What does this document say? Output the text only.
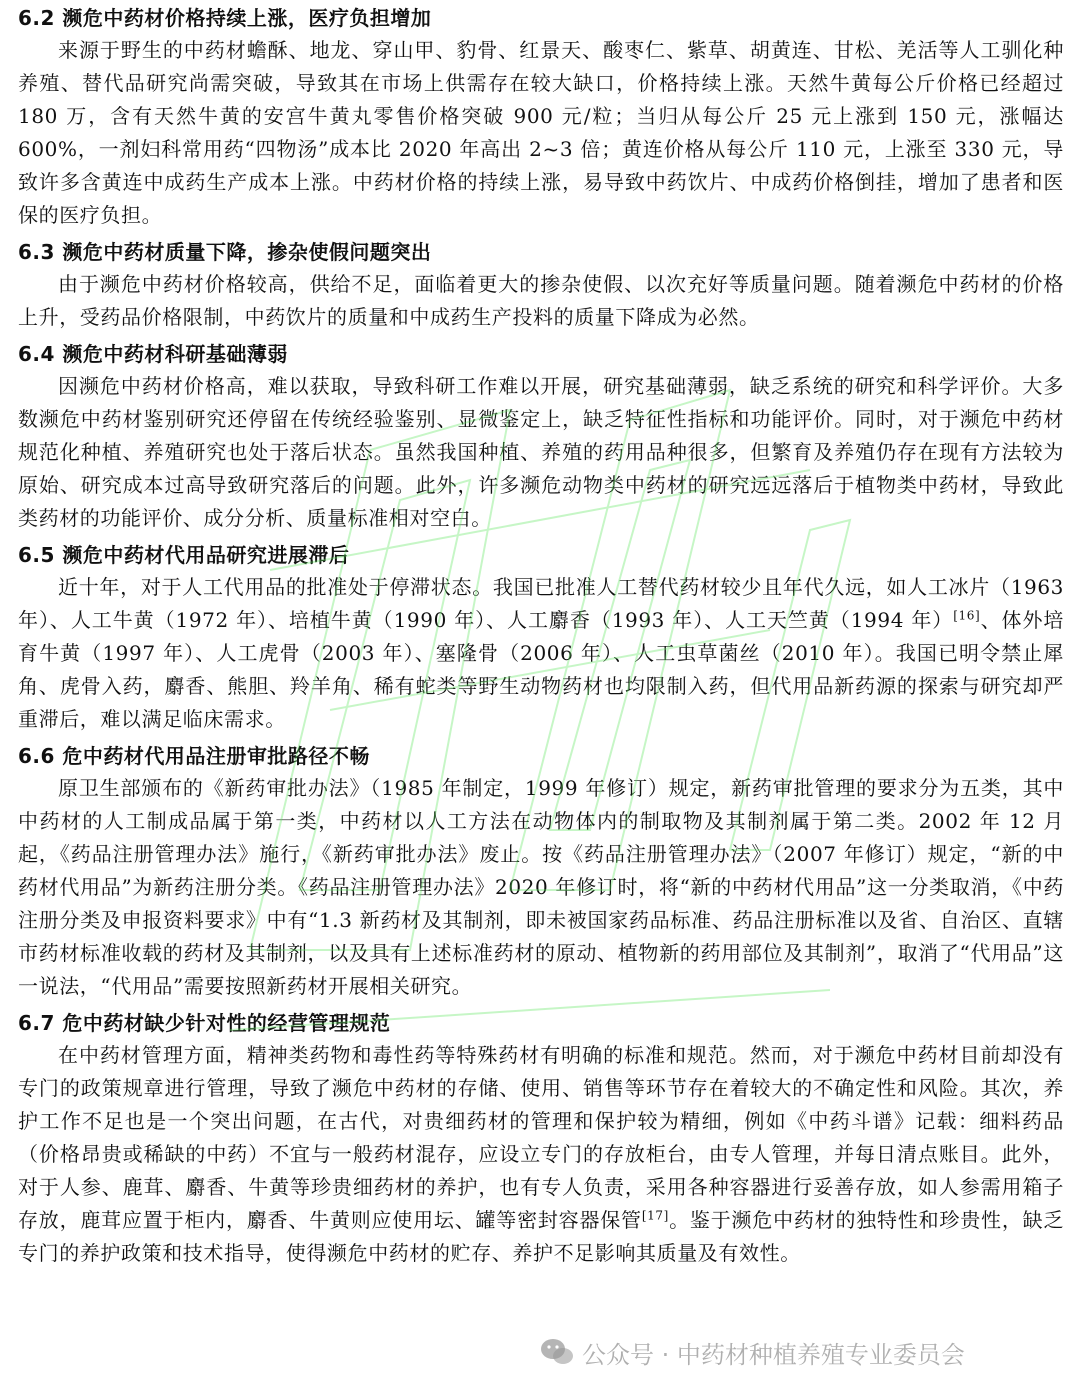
6.2 濒危中药材价格持续上涨，医疗负担增加

来源于野生的中药材蟾酥、地龙、穿山甲、豹骨、红景天、酸枣仁、紫草、胡黄连、甘松、羌活等人工驯化种养殖、替代品研究尚需突破，导致其在市场上供需存在较大缺口，价格持续上涨。天然牛黄每公斤价格已经超过 180 万，含有天然牛黄的安宫牛黄丸零售价格突破 900 元/粒；当归从每公斤 25 元上涨到 150 元，涨幅达 600%，一剂妇科常用药“四物汤”成本比 2020 年高出 2~3 倍；黄连价格从每公斤 110 元，上涨至 330 元，导致许多含黄连中成药生产成本上涨。中药材价格的持续上涨，易导致中药饮片、中成药价格倒挂，增加了患者和医保的医疗负担。

6.3 濒危中药材质量下降，掺杂使假问题突出

由于濒危中药材价格较高，供给不足，面临着更大的掺杂使假、以次充好等质量问题。随着濒危中药材的价格上升，受药品价格限制，中药饮片的质量和中成药生产投料的质量下降成为必然。

6.4 濒危中药材科研基础薄弱

因濒危中药材价格高，难以获取，导致科研工作难以开展，研究基础薄弱，缺乏系统的研究和科学评价。大多数濒危中药材鉴别研究还停留在传统经验鉴别、显微鉴定上，缺乏特征性指标和功能评价。同时，对于濒危中药材规范化种植、养殖研究也处于落后状态。虽然我国种植、养殖的药用品种很多，但繁育及养殖仍存在现有方法较为原始、研究成本过高导致研究落后的问题。此外，许多濒危动物类中药材的研究远远落后于植物类中药材，导致此类药材的功能评价、成分分析、质量标准相对空白。

6.5 濒危中药材代用品研究进展滞后

近十年，对于人工代用品的批准处于停滞状态。我国已批准人工替代药材较少且年代久远，如人工冰片（1963 年）、人工牛黄（1972 年）、培植牛黄（1990 年）、人工麝香（1993 年）、人工天竺黄（1994 年）[16]、体外培育牛黄（1997 年）、人工虎骨（2003 年）、塞隆骨（2006 年）、人工虫草菌丝（2010 年）。我国已明令禁止犀角、虎骨入药，麝香、熊胆、羚羊角、稀有蛇类等野生动物药材也均限制入药，但代用品新药源的探索与研究却严重滞后，难以满足临床需求。

6.6 危中药材代用品注册审批路径不畅

原卫生部颁布的《新药审批办法》（1985 年制定，1999 年修订）规定，新药审批管理的要求分为五类，其中中药材的人工制成品属于第一类，中药材以人工方法在动物体内的制取物及其制剂属于第二类。2002 年 12 月起，《药品注册管理办法》施行，《新药审批办法》废止。按《药品注册管理办法》（2007 年修订）规定，“新的中药材代用品”为新药注册分类。《药品注册管理办法》2020 年修订时，将“新的中药材代用品”这一分类取消，《中药注册分类及申报资料要求》中有“1.3 新药材及其制剂，即未被国家药品标准、药品注册标准以及省、自治区、直辖市药材标准收载的药材及其制剂，以及具有上述标准药材的原动、植物新的药用部位及其制剂”，取消了“代用品”这一说法，“代用品”需要按照新药材开展相关研究。

6.7 危中药材缺少针对性的经营管理规范

在中药材管理方面，精神类药物和毒性药等特殊药材有明确的标准和规范。然而，对于濒危中药材目前却没有专门的政策规章进行管理，导致了濒危中药材的存储、使用、销售等环节存在着较大的不确定性和风险。其次，养护工作不足也是一个突出问题，在古代，对贵细药材的管理和保护较为精细，例如《中药斗谱》记载：细料药品（价格昂贵或稀缺的中药）不宜与一般药材混存，应设立专门的存放柜台，由专人管理，并每日清点账目。此外，对于人参、鹿茸、麝香、牛黄等珍贵细药材的养护，也有专人负责，采用各种容器进行妥善存放，如人参需用箱子存放，鹿茸应置于柜内，麝香、牛黄则应使用坛、罐等密封容器保管[17]。鉴于濒危中药材的独特性和珍贵性，缺乏专门的养护政策和技术指导，使得濒危中药材的贮存、养护不足影响其质量及有效性。

公众号 · 中药材种植养殖专业委员会
